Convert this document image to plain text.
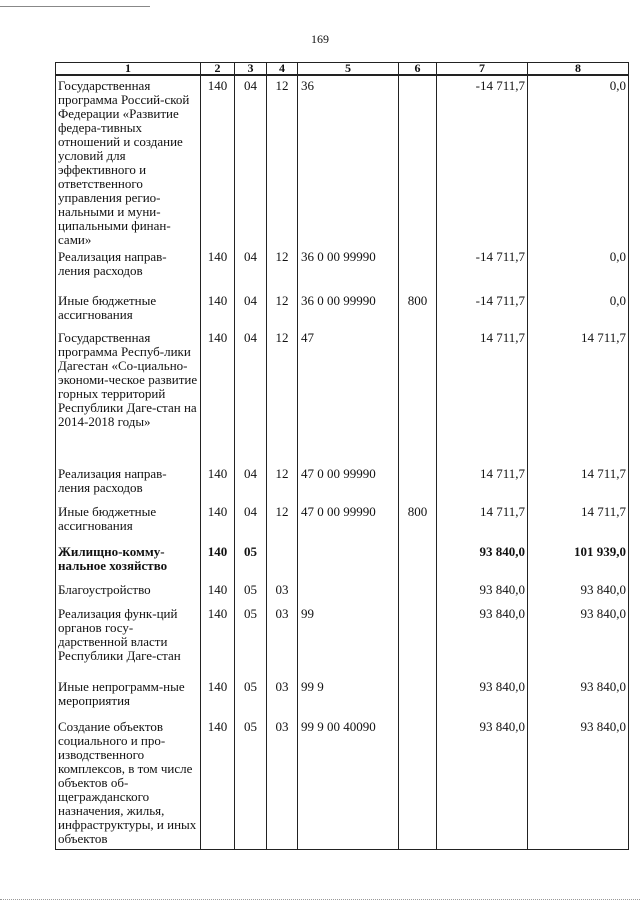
169
1	2	3	4	5	6	7	8
Государственная программа Россий-ской Федерации «Развитие федера-тивных отношений и создание условий для эффективного и ответственного управления регио-нальными и муни-ципальными финан-сами»	140	04	12	36		-14 711,7	0,0
Реализация направ-ления расходов	140	04	12	36 0 00 99990		-14 711,7	0,0
Иные бюджетные ассигнования	140	04	12	36 0 00 99990	800	-14 711,7	0,0
Государственная программа Респуб-лики Дагестан «Со-циально-экономи-ческое развитие горных территорий Республики Даге-стан на 2014-2018 годы»	140	04	12	47		14 711,7	14 711,7
Реализация направ-ления расходов	140	04	12	47 0 00 99990		14 711,7	14 711,7
Иные бюджетные ассигнования	140	04	12	47 0 00 99990	800	14 711,7	14 711,7
Жилищно-комму-нальное хозяйство	140	05				93 840,0	101 939,0
Благоустройство	140	05	03			93 840,0	93 840,0
Реализация функ-ций органов госу-дарственной власти Республики Даге-стан	140	05	03	99		93 840,0	93 840,0
Иные непрограмм-ные мероприятия	140	05	03	99 9		93 840,0	93 840,0
Создание объектов социального и про-изводственного комплексов, в том числе объектов об-щегражданского назначения, жилья, инфраструктуры, и иных объектов	140	05	03	99 9 00 40090		93 840,0	93 840,0
